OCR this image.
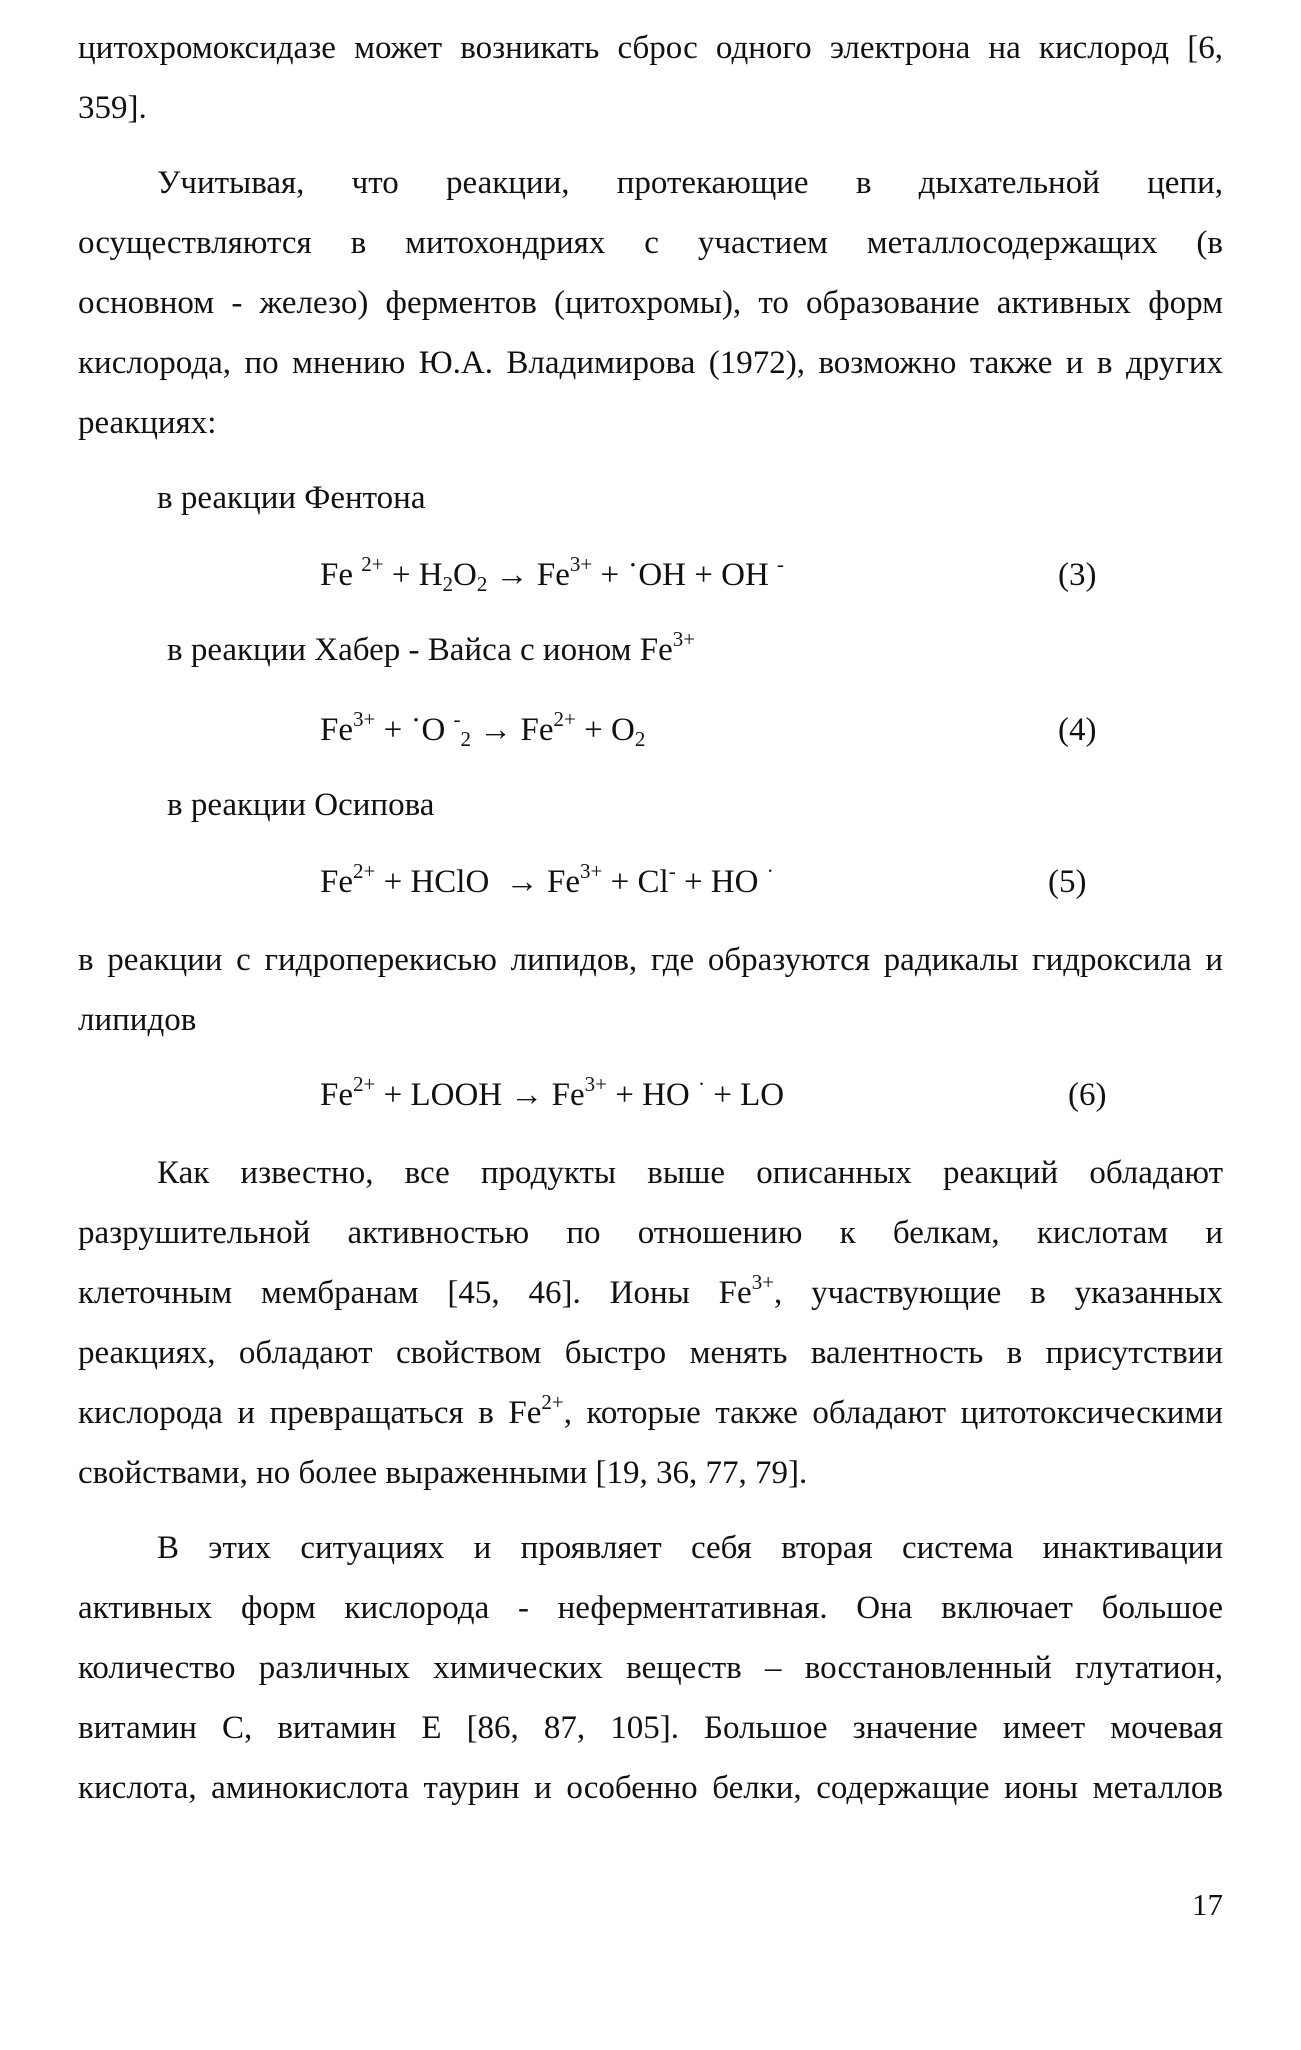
цитохромоксидазе может возникать сброс одного электрона на кислород [6,
359].
Учитывая, что реакции, протекающие в дыхательной цепи,
осуществляются в митохондриях с участием металлосодержащих (в
основном - железо) ферментов (цитохромы), то образование активных форм
кислорода, по мнению Ю.А. Владимирова (1972), возможно также и в других
реакциях:
в реакции Фентона
Fe $^{2+} + H_2O_2 \to Fe^{3+}$ + ˙OH + OH -	(3)
в реакции Хабер - Вайса с ионом $Fe^{3+}$
$Fe^{3+}$ + ˙O $^-_2 \to Fe^{2+} + O_2$	(4)
в реакции Осипова
$Fe^{2+}$ + HClO  → $Fe^{3+} + Cl^-$ + HO ·	(5)
в реакции с гидроперекисью липидов, где образуются радикалы гидроксила и
липидов
$Fe^{2+}$ + LOOH → $Fe^{3+}$ + HO · + LO	(6)
Как известно, все продукты выше описанных реакций обладают
разрушительной активностью по отношению к белкам, кислотам и
клеточным мембранам [45, 46]. Ионы $Fe^{3+}$, участвующие в указанных
реакциях, обладают свойством быстро менять валентность в присутствии
кислорода и превращаться в $Fe^{2+}$, которые также обладают цитотоксическими
свойствами, но более выраженными [19, 36, 77, 79].
В этих ситуациях и проявляет себя вторая система инактивации
активных форм кислорода - неферментативная. Она включает большое
количество различных химических веществ – восстановленный глутатион,
витамин С, витамин Е [86, 87, 105]. Большое значение имеет мочевая
кислота, аминокислота таурин и особенно белки, содержащие ионы металлов
17
